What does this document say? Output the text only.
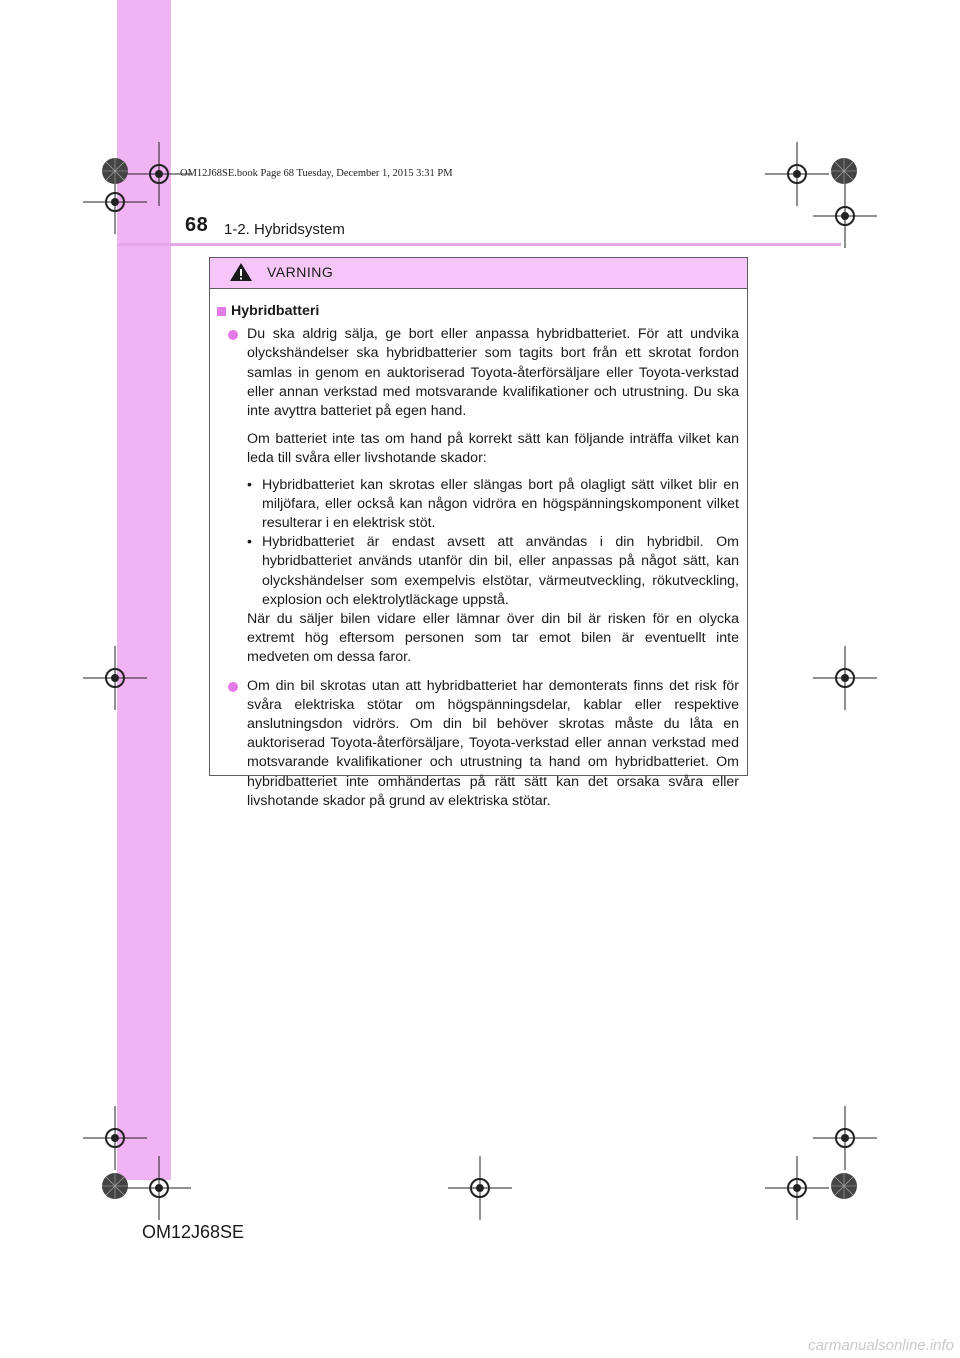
OM12J68SE.book Page 68 Tuesday, December 1, 2015 3:31 PM
68 1-2. Hybridsystem
VARNING
Hybridbatteri
Du ska aldrig sälja, ge bort eller anpassa hybridbatteriet. För att undvika olyckshändelser ska hybridbatterier som tagits bort från ett skrotat fordon samlas in genom en auktoriserad Toyota-återförsäljare eller Toyota-verkstad eller annan verkstad med motsvarande kvalifikationer och utrustning. Du ska inte avyttra batteriet på egen hand.
Om batteriet inte tas om hand på korrekt sätt kan följande inträffa vilket kan leda till svåra eller livshotande skador:
• Hybridbatteriet kan skrotas eller slängas bort på olagligt sätt vilket blir en miljöfara, eller också kan någon vidröra en högspänningskomponent vilket resulterar i en elektrisk stöt.
• Hybridbatteriet är endast avsett att användas i din hybridbil. Om hybridbatteriet används utanför din bil, eller anpassas på något sätt, kan olyckshändelser som exempelvis elstötar, värmeutveckling, rökutveckling, explosion och elektrolytläckage uppstå.
När du säljer bilen vidare eller lämnar över din bil är risken för en olycka extremt hög eftersom personen som tar emot bilen är eventuellt inte medveten om dessa faror.
Om din bil skrotas utan att hybridbatteriet har demonterats finns det risk för svåra elektriska stötar om högspänningsdelar, kablar eller respektive anslutningsdon vidrörs. Om din bil behöver skrotas måste du låta en auktoriserad Toyota-återförsäljare, Toyota-verkstad eller annan verkstad med motsvarande kvalifikationer och utrustning ta hand om hybridbatteriet. Om hybridbatteriet inte omhändertas på rätt sätt kan det orsaka svåra eller livshotande skador på grund av elektriska stötar.
OM12J68SE
carmanualsonline.info
